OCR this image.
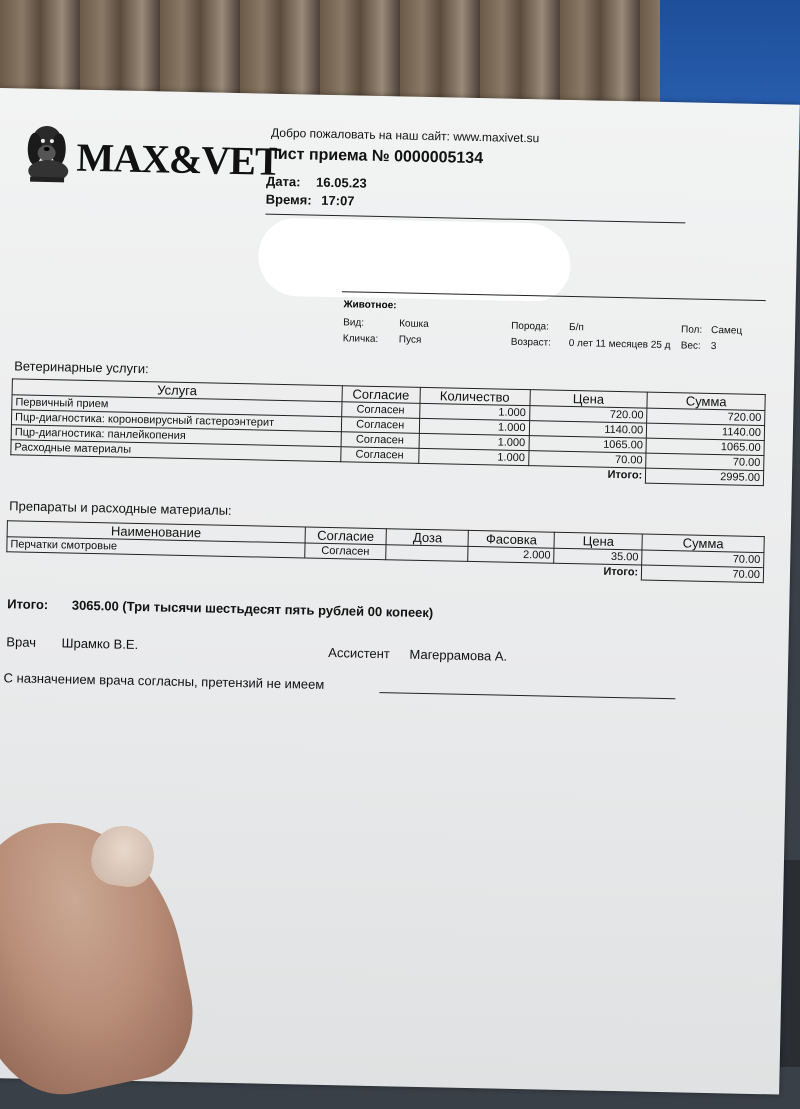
MAX&VET
Добро пожаловать на наш сайт: www.maxivet.su
Лист приема № 0000005134
Дата: 16.05.23
Время: 17:07
Животное:
Вид:	Кошка
Кличка: Пуся
Порода: Б/п
Возраст: 0 лет 11 месяцев 25 д
Пол: Самец
Вес: 3
Ветеринарные услуги:
Услуга	Согласие	Количество	Цена	Сумма
Первичный прием	Согласен	1.000	720.00	720.00
Пцр-диагностика: короновирусный гастероэнтерит	Согласен	1.000	1140.00	1140.00
Пцр-диагностика: панлейкопения	Согласен	1.000	1065.00	1065.00
Расходные материалы	Согласен	1.000	70.00	70.00
			Итого:	2995.00
Препараты и расходные материалы:
Наименование	Согласие	Доза	Фасовка	Цена	Сумма
Перчатки смотровые	Согласен		2.000	35.00	70.00
				Итого:	70.00
Итого: 3065.00 (Три тысячи шестьдесят пять рублей 00 копеек)
Врач Шрамко В.Е.
Ассистент Магеррамова А.
С назначением врача согласны, претензий не имеем
